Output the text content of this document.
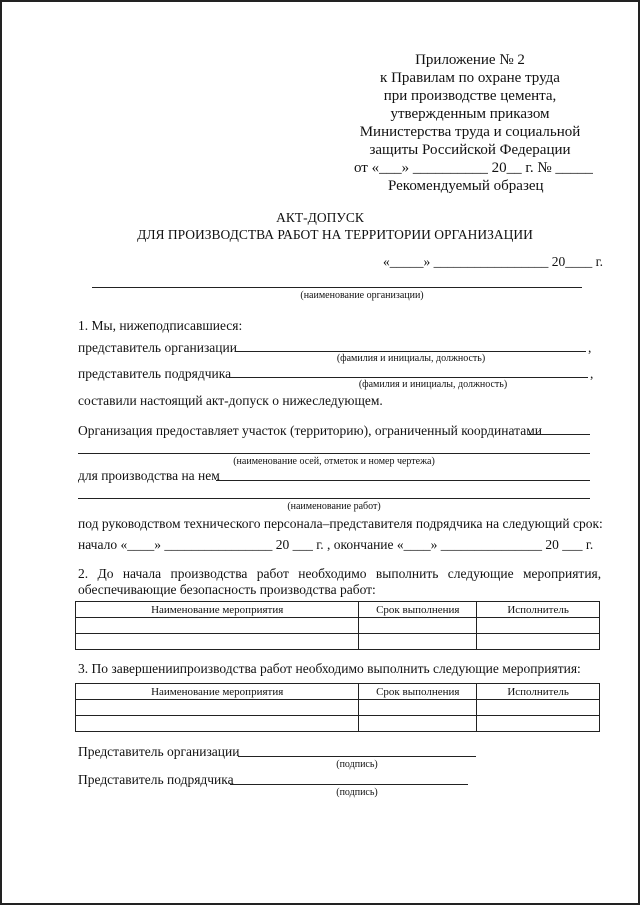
Приложение № 2
к Правилам по охране труда
при производстве цемента,
утвержденным приказом
Министерства труда и социальной
защиты Российской Федерации
от «___» __________ 20__ г. № _____
Рекомендуемый образец
АКТ-ДОПУСК
ДЛЯ ПРОИЗВОДСТВА РАБОТ НА ТЕРРИТОРИИ ОРГАНИЗАЦИИ
«_____» _________________ 20____ г.
(наименование организации)
1. Мы, нижеподписавшиеся:
представитель организации	,
(фамилия и инициалы, должность)
представитель подрядчика	,
(фамилия и инициалы, должность)
составили настоящий акт-допуск о нижеследующем.
Организация предоставляет участок (территорию), ограниченный координатами
(наименование осей, отметок и номер чертежа)
для производства на нем
(наименование работ)
под руководством технического персонала–представителя подрядчика на следующий срок:
начало «____» ________________ 20 ___ г. , окончание «____» _______________ 20 ___ г.
2. До начала производства работ необходимо выполнить следующие мероприятия,
обеспечивающие безопасность производства работ:
Наименование мероприятия	Срок выполнения	Исполнитель

3. По завершениипроизводства работ необходимо выполнить следующие мероприятия:
Наименование мероприятия	Срок выполнения	Исполнитель

Представитель организации
(подпись)
Представитель подрядчика
(подпись)
